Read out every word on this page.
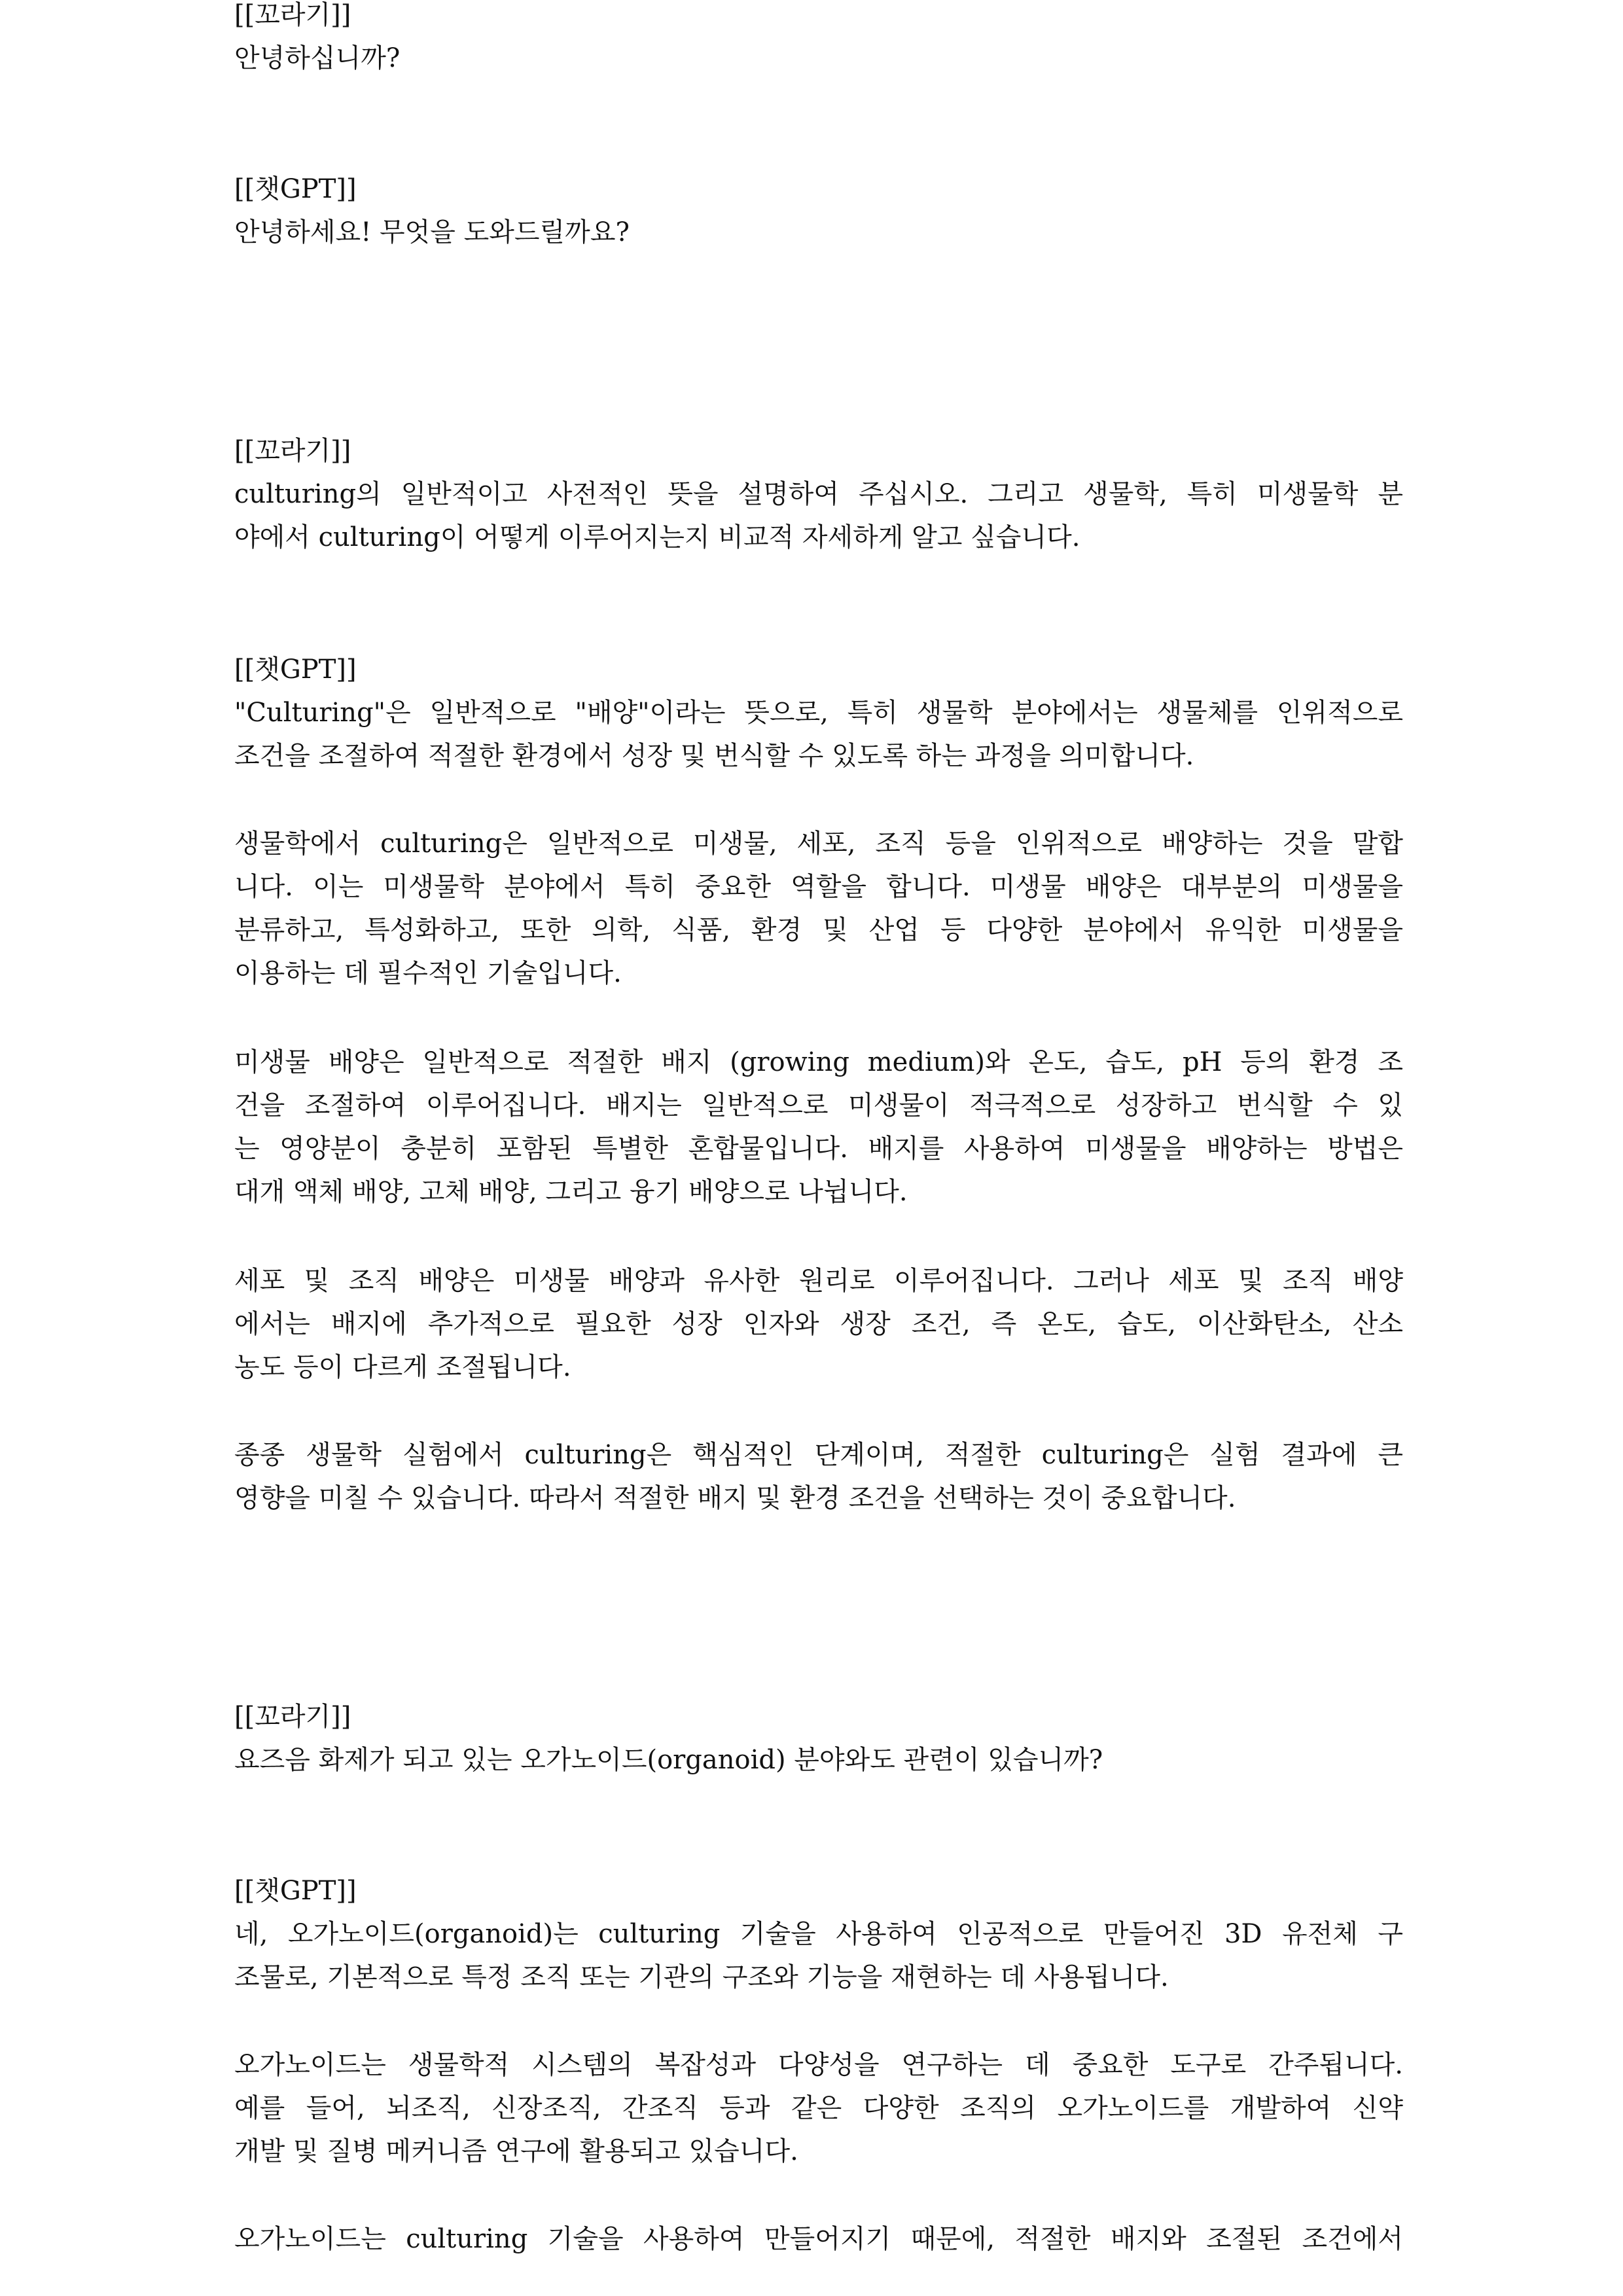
[[꼬라기]]
안녕하십니까?
[[챗GPT]]
안녕하세요! 무엇을 도와드릴까요?
[[꼬라기]]
culturing의 일반적이고 사전적인 뜻을 설명하여 주십시오. 그리고 생물학, 특히 미생물학 분
야에서 culturing이 어떻게 이루어지는지 비교적 자세하게 알고 싶습니다.
[[챗GPT]]
"Culturing"은 일반적으로 "배양"이라는 뜻으로, 특히 생물학 분야에서는 생물체를 인위적으로
조건을 조절하여 적절한 환경에서 성장 및 번식할 수 있도록 하는 과정을 의미합니다.
생물학에서 culturing은 일반적으로 미생물, 세포, 조직 등을 인위적으로 배양하는 것을 말합
니다. 이는 미생물학 분야에서 특히 중요한 역할을 합니다. 미생물 배양은 대부분의 미생물을
분류하고, 특성화하고, 또한 의학, 식품, 환경 및 산업 등 다양한 분야에서 유익한 미생물을
이용하는 데 필수적인 기술입니다.
미생물 배양은 일반적으로 적절한 배지 (growing medium)와 온도, 습도, pH 등의 환경 조
건을 조절하여 이루어집니다. 배지는 일반적으로 미생물이 적극적으로 성장하고 번식할 수 있
는 영양분이 충분히 포함된 특별한 혼합물입니다. 배지를 사용하여 미생물을 배양하는 방법은
대개 액체 배양, 고체 배양, 그리고 융기 배양으로 나뉩니다.
세포 및 조직 배양은 미생물 배양과 유사한 원리로 이루어집니다. 그러나 세포 및 조직 배양
에서는 배지에 추가적으로 필요한 성장 인자와 생장 조건, 즉 온도, 습도, 이산화탄소, 산소
농도 등이 다르게 조절됩니다.
종종 생물학 실험에서 culturing은 핵심적인 단계이며, 적절한 culturing은 실험 결과에 큰
영향을 미칠 수 있습니다. 따라서 적절한 배지 및 환경 조건을 선택하는 것이 중요합니다.
[[꼬라기]]
요즈음 화제가 되고 있는 오가노이드(organoid) 분야와도 관련이 있습니까?
[[챗GPT]]
네, 오가노이드(organoid)는 culturing 기술을 사용하여 인공적으로 만들어진 3D 유전체 구
조물로, 기본적으로 특정 조직 또는 기관의 구조와 기능을 재현하는 데 사용됩니다.
오가노이드는 생물학적 시스템의 복잡성과 다양성을 연구하는 데 중요한 도구로 간주됩니다.
예를 들어, 뇌조직, 신장조직, 간조직 등과 같은 다양한 조직의 오가노이드를 개발하여 신약
개발 및 질병 메커니즘 연구에 활용되고 있습니다.
오가노이드는 culturing 기술을 사용하여 만들어지기 때문에, 적절한 배지와 조절된 조건에서
